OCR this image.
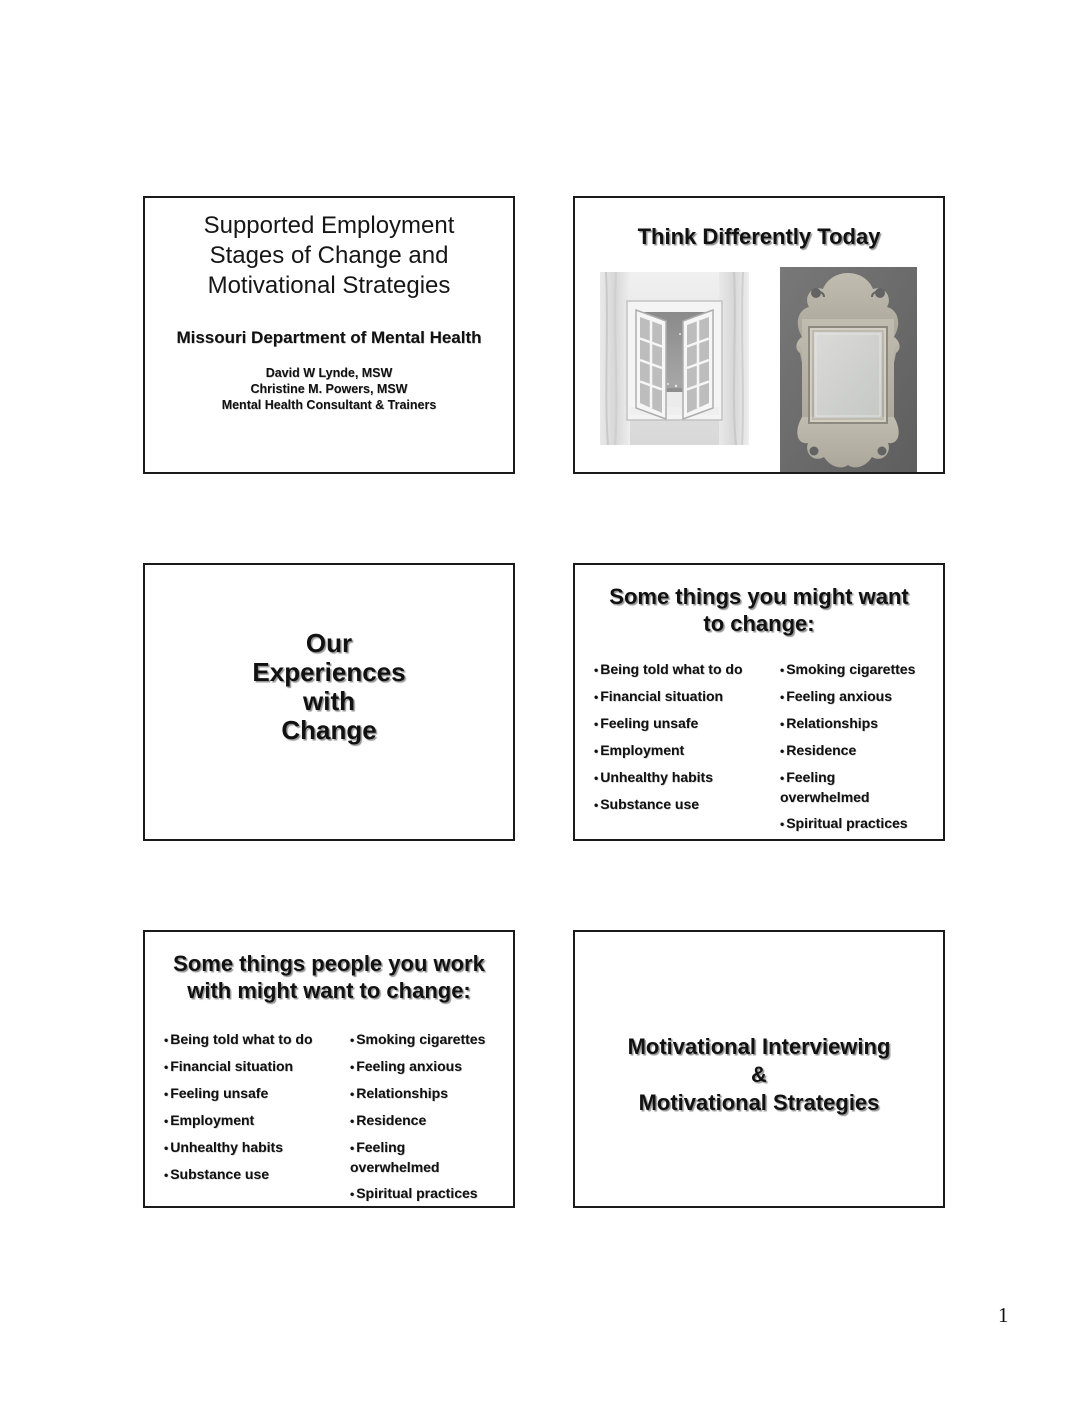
Supported Employment
Stages of Change and
Motivational Strategies
Missouri Department of Mental Health
David W Lynde, MSW
Christine M. Powers, MSW
Mental Health Consultant & Trainers
Think Differently Today
Our
Experiences
with
Change
Some things you might want
to change:
• Being told what to do
• Financial situation
• Feeling unsafe
• Employment
• Unhealthy habits
• Substance use
• Smoking cigarettes
• Feeling anxious
• Relationships
• Residence
• Feeling overwhelmed
• Spiritual practices
Some things people you work
with might want to change:
• Being told what to do
• Financial situation
• Feeling unsafe
• Employment
• Unhealthy habits
• Substance use
• Smoking cigarettes
• Feeling anxious
• Relationships
• Residence
• Feeling overwhelmed
• Spiritual practices
Motivational Interviewing
&
Motivational Strategies
1
